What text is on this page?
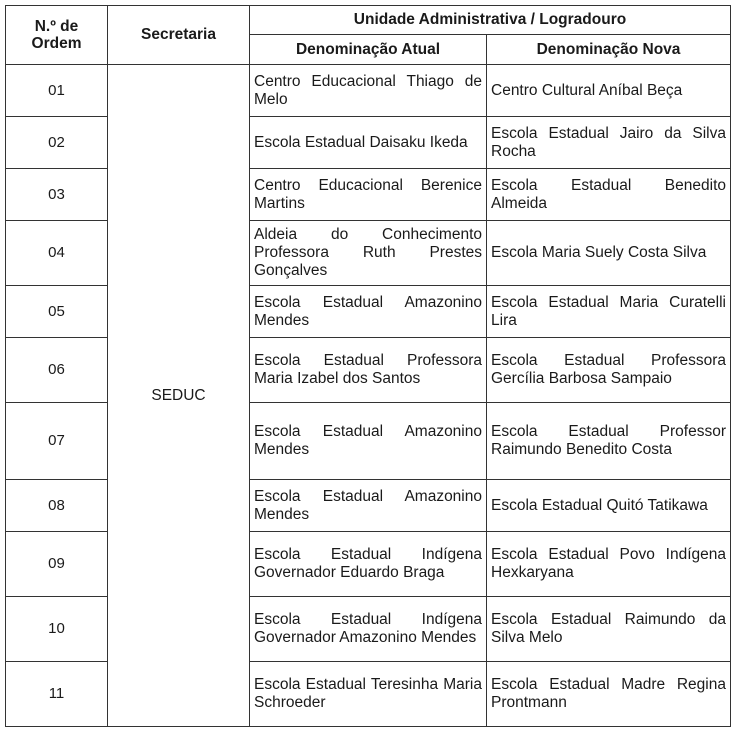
N.º de Ordem	Secretaria	Unidade Administrativa / Logradouro	
		Denominação Atual	Denominação Nova
01	SEDUC	Centro Educacional Thiago de Melo	Centro Cultural Aníbal Beça
02		Escola Estadual Daisaku Ikeda	Escola Estadual Jairo da Silva Rocha
03		Centro Educacional Berenice Martins	Escola Estadual Benedito Almeida
04		Aldeia do Conhecimento Professora Ruth Prestes Gonçalves	Escola Maria Suely Costa Silva
05		Escola Estadual Amazonino Mendes	Escola Estadual Maria Curatelli Lira
06		Escola Estadual Professora Maria Izabel dos Santos	Escola Estadual Professora Gercília Barbosa Sampaio
07		Escola Estadual Amazonino Mendes	Escola Estadual Professor Raimundo Benedito Costa
08		Escola Estadual Amazonino Mendes	Escola Estadual Quitó Tatikawa
09		Escola Estadual Indígena Governador Eduardo Braga	Escola Estadual Povo Indígena Hexkaryana
10		Escola Estadual Indígena Governador Amazonino Mendes	Escola Estadual Raimundo da Silva Melo
11		Escola Estadual Teresinha Maria Schroeder	Escola Estadual Madre Regina Prontmann
